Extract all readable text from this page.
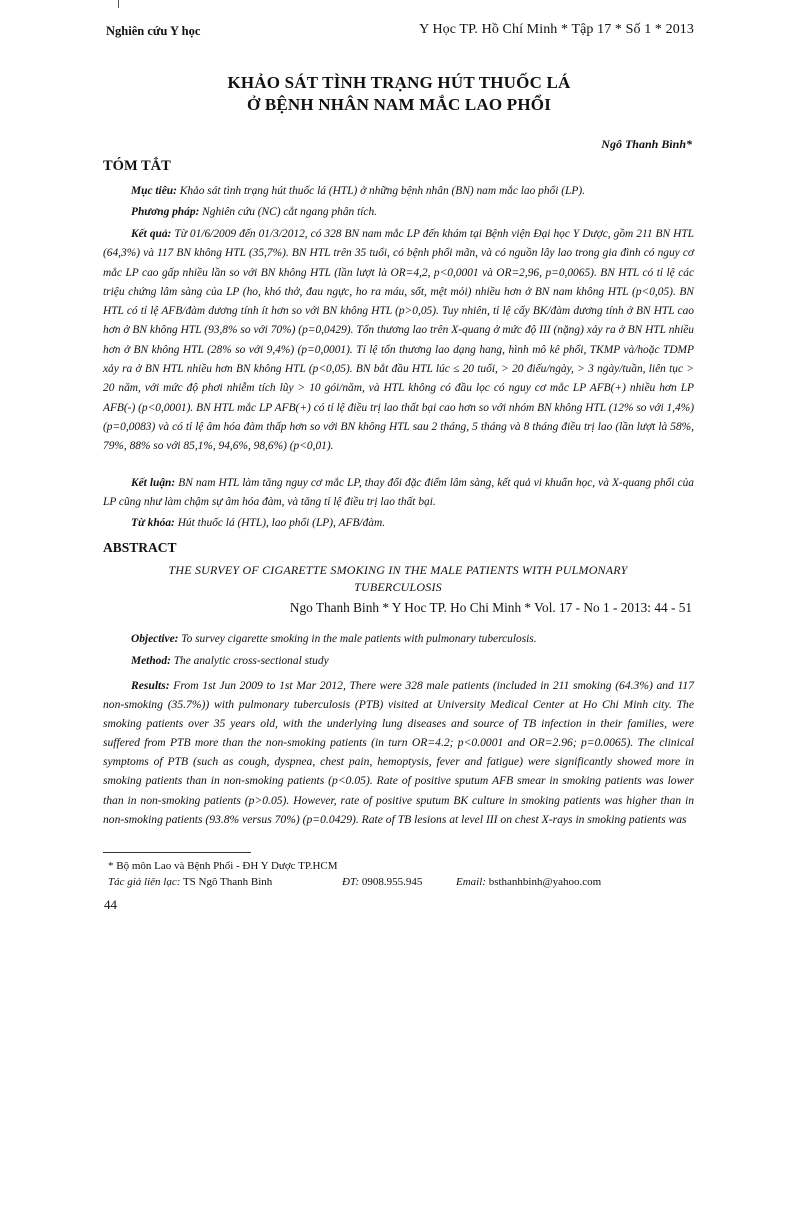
Nghiên cứu Y học	Y Học TP. Hồ Chí Minh * Tập 17 * Số 1 * 2013
KHẢO SÁT TÌNH TRẠNG HÚT THUỐC LÁ
Ở BỆNH NHÂN NAM MẮC LAO PHỔI
Ngô Thanh Bình*
TÓM TẮT

Mục tiêu: Khảo sát tình trạng hút thuốc lá (HTL) ở những bệnh nhân (BN) nam mắc lao phổi (LP).

Phương pháp: Nghiên cứu (NC) cắt ngang phân tích.

Kết quả: Từ 01/6/2009 đến 01/3/2012, có 328 BN nam mắc LP đến khám tại Bệnh viện Đại học Y Dược, gồm 211 BN HTL (64,3%) và 117 BN không HTL (35,7%). BN HTL trên 35 tuổi, có bệnh phổi mãn, và có nguồn lây lao trong gia đình có nguy cơ mắc LP cao gấp nhiều lần so với BN không HTL (lần lượt là OR=4,2, p<0,0001 và OR=2,96, p=0,0065). BN HTL có tỉ lệ các triệu chứng lâm sàng của LP (ho, khó thở, đau ngực, ho ra máu, sốt, mệt mỏi) nhiều hơn ở BN nam không HTL (p<0,05). BN HTL có tỉ lệ AFB/đàm dương tính ít hơn so với BN không HTL (p>0,05). Tuy nhiên, tỉ lệ cấy BK/đàm dương tính ở BN HTL cao hơn ở BN không HTL (93,8% so với 70%) (p=0,0429). Tổn thương lao trên X-quang ở mức độ III (nặng) xảy ra ở BN HTL nhiều hơn ở BN không HTL (28% so với 9,4%) (p=0,0001). Tỉ lệ tổn thương lao dạng hang, hình mô kê phổi, TKMP và/hoặc TDMP xảy ra ở BN HTL nhiều hơn BN không HTL (p<0,05). BN bắt đầu HTL lúc ≤ 20 tuổi, > 20 điếu/ngày, > 3 ngày/tuần, liên tục > 20 năm, với mức độ phơi nhiễm tích lũy > 10 gói/năm, và HTL không có đầu lọc có nguy cơ mắc LP AFB(+) nhiều hơn LP AFB(-) (p<0,0001). BN HTL mắc LP AFB(+) có tỉ lệ điều trị lao thất bại cao hơn so với nhóm BN không HTL (12% so với 1,4%) (p=0,0083) và có tỉ lệ âm hóa đàm thấp hơn so với BN không HTL sau 2 tháng, 5 tháng và 8 tháng điều trị lao (lần lượt là 58%, 79%, 88% so với 85,1%, 94,6%, 98,6%) (p<0,01).

Kết luận: BN nam HTL làm tăng nguy cơ mắc LP, thay đổi đặc điểm lâm sàng, kết quả vi khuẩn học, và X-quang phổi của LP cũng như làm chậm sự âm hóa đàm, và tăng tỉ lệ điều trị lao thất bại.

Từ khóa: Hút thuốc lá (HTL), lao phổi (LP), AFB/đàm.

ABSTRACT
THE SURVEY OF CIGARETTE SMOKING IN THE MALE PATIENTS WITH PULMONARY TUBERCULOSIS
Ngo Thanh Binh * Y Hoc TP. Ho Chi Minh * Vol. 17 - No 1 - 2013: 44 - 51

Objective: To survey cigarette smoking in the male patients with pulmonary tuberculosis.

Method: The analytic cross-sectional study

Results: From 1st Jun 2009 to 1st Mar 2012, There were 328 male patients (included in 211 smoking (64.3%) and 117 non-smoking (35.7%)) with pulmonary tuberculosis (PTB) visited at University Medical Center at Ho Chi Minh city. The smoking patients over 35 years old, with the underlying lung diseases and source of TB infection in their families, were suffered from PTB more than the non-smoking patients (in turn OR=4.2; p<0.0001 and OR=2.96; p=0.0065). The clinical symptoms of PTB (such as cough, dyspnea, chest pain, hemoptysis, fever and fatigue) were significantly showed more in smoking patients than in non-smoking patients (p<0.05). Rate of positive sputum AFB smear in smoking patients was lower than in non-smoking patients (p>0.05). However, rate of positive sputum BK culture in smoking patients was higher than in non-smoking patients (93.8% versus 70%) (p=0.0429). Rate of TB lesions at level III on chest X-rays in smoking patients was

* Bộ môn Lao và Bệnh Phổi - ĐH Y Dược TP.HCM
Tác giả liên lạc: TS Ngô Thanh Bình	ĐT: 0908.955.945	Email: bsthanhbinh@yahoo.com
44
